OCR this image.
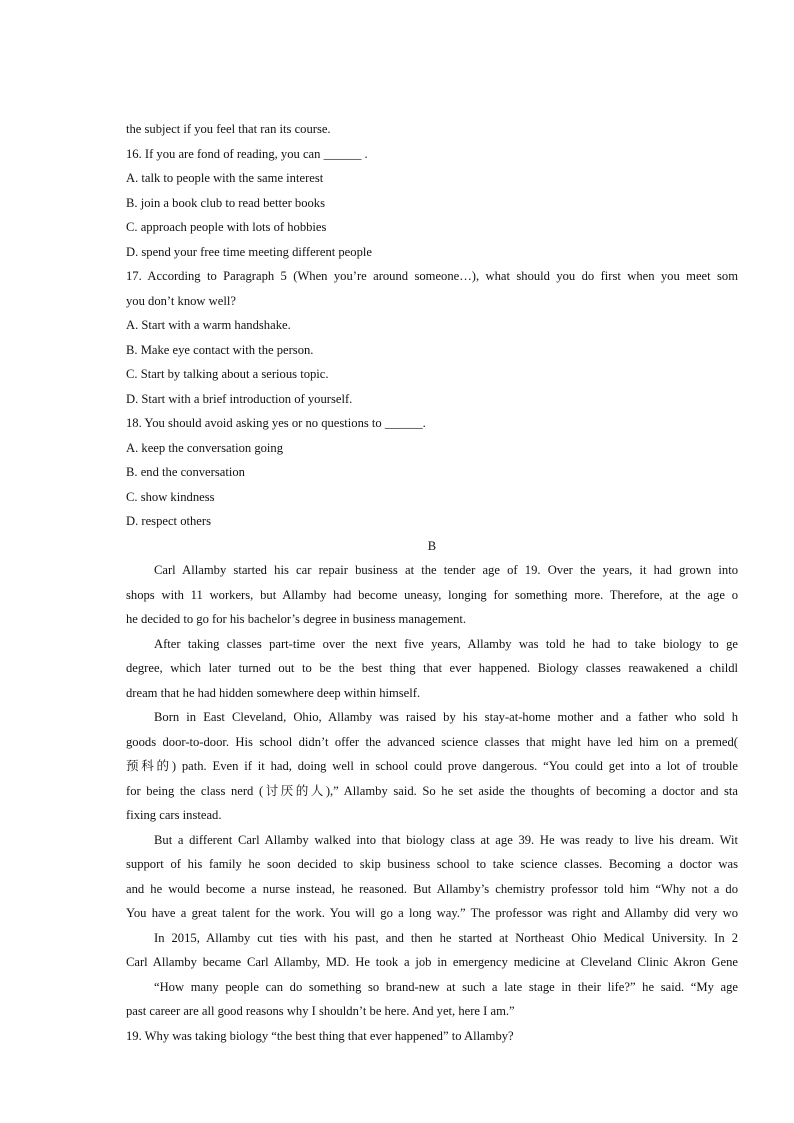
the subject if you feel that ran its course.
16. If you are fond of reading, you can ______ .
A. talk to people with the same interest
B. join a book club to read better books
C. approach people with lots of hobbies
D. spend your free time meeting different people
17. According to Paragraph 5 (When you’re around someone…), what should you do first when you meet som
you don’t know well?
A. Start with a warm handshake.
B. Make eye contact with the person.
C. Start by talking about a serious topic.
D. Start with a brief introduction of yourself.
18. You should avoid asking yes or no questions to ______.
A. keep the conversation going
B. end the conversation
C. show kindness
D. respect others
B
Carl Allamby started his car repair business at the tender age of 19. Over the years, it had grown into
shops with 11 workers, but Allamby had become uneasy, longing for something more. Therefore, at the age o
he decided to go for his bachelor’s degree in business management.
After taking classes part-time over the next five years, Allamby was told he had to take biology to ge
degree, which later turned out to be the best thing that ever happened. Biology classes reawakened a childl
dream that he had hidden somewhere deep within himself.
Born in East Cleveland, Ohio, Allamby was raised by his stay-at-home mother and a father who sold h
goods door-to-door. His school didn’t offer the advanced science classes that might have led him on a premed(
预科的) path. Even if it had, doing well in school could prove dangerous. “You could get into a lot of trouble
for being the class nerd (讨厌的人),” Allamby said. So he set aside the thoughts of becoming a doctor and sta
fixing cars instead.
But a different Carl Allamby walked into that biology class at age 39. He was ready to live his dream. Wit
support of his family he soon decided to skip business school to take science classes. Becoming a doctor was
and he would become a nurse instead, he reasoned. But Allamby’s chemistry professor told him “Why not a do
You have a great talent for the work. You will go a long way.” The professor was right and Allamby did very wo
In 2015, Allamby cut ties with his past, and then he started at Northeast Ohio Medical University. In 2
Carl Allamby became Carl Allamby, MD. He took a job in emergency medicine at Cleveland Clinic Akron Gene
“How many people can do something so brand-new at such a late stage in their life?” he said. “My age
past career are all good reasons why I shouldn’t be here. And yet, here I am.”
19. Why was taking biology “the best thing that ever happened” to Allamby?
